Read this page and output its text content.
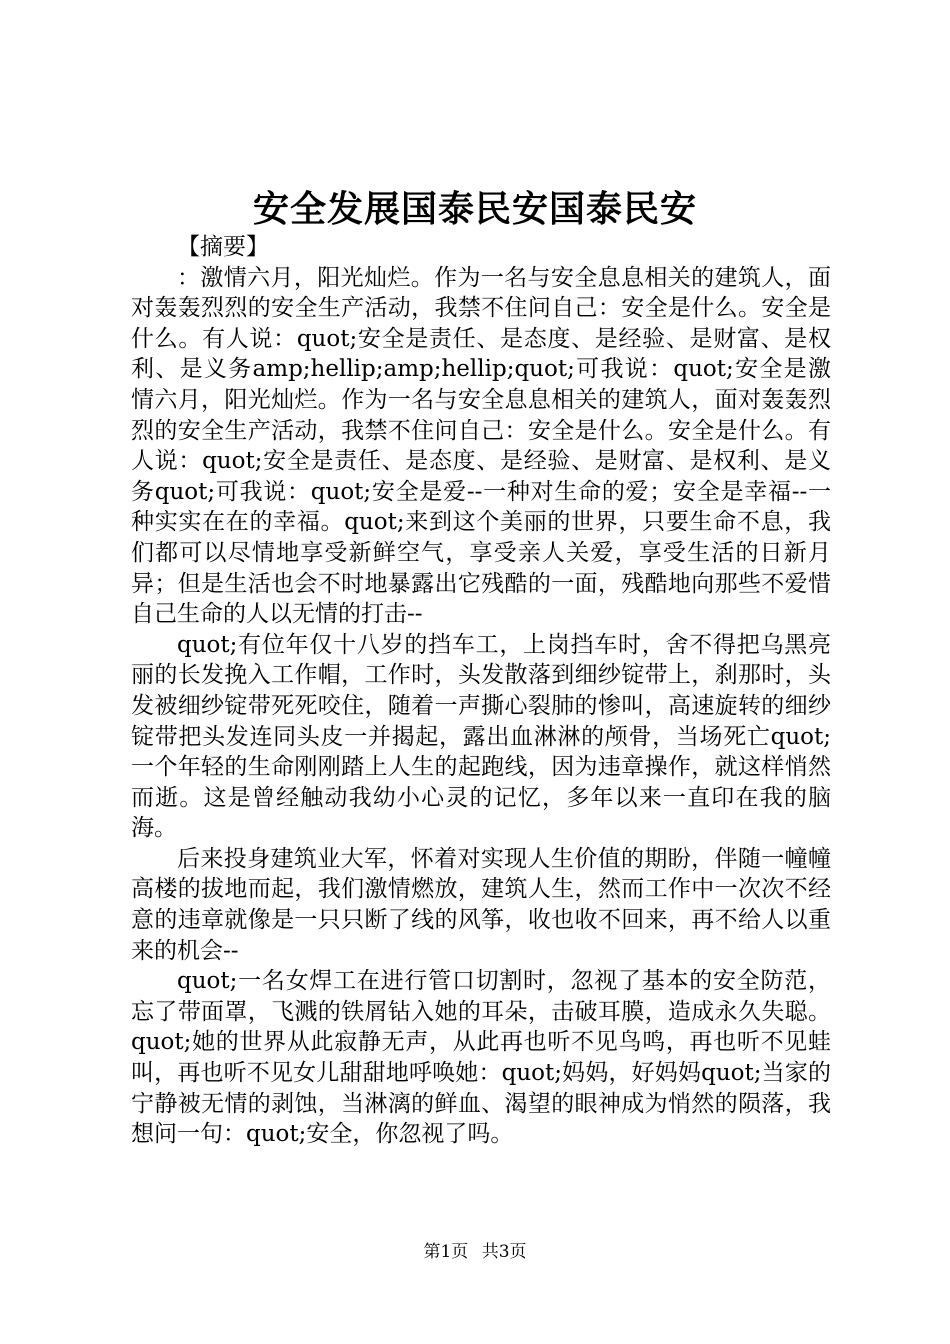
安全发展国泰民安国泰民安

【摘要】

：激情六月，阳光灿烂。作为一名与安全息息相关的建筑人，面对轰轰烈烈的安全生产活动，我禁不住问自己：安全是什么。安全是什么。有人说：quot;安全是责任、是态度、是经验、是财富、是权利、是义务amp;hellip;amp;hellip;quot;可我说：quot;安全是激情六月，阳光灿烂。作为一名与安全息息相关的建筑人，面对轰轰烈烈的安全生产活动，我禁不住问自己：安全是什么。安全是什么。有人说：quot;安全是责任、是态度、是经验、是财富、是权利、是义务quot;可我说：quot;安全是爱--一种对生命的爱；安全是幸福--一种实实在在的幸福。quot;来到这个美丽的世界，只要生命不息，我们都可以尽情地享受新鲜空气，享受亲人关爱，享受生活的日新月异；但是生活也会不时地暴露出它残酷的一面，残酷地向那些不爱惜自己生命的人以无情的打击--

quot;有位年仅十八岁的挡车工，上岗挡车时，舍不得把乌黑亮丽的长发挽入工作帽，工作时，头发散落到细纱锭带上，刹那时，头发被细纱锭带死死咬住，随着一声撕心裂肺的惨叫，高速旋转的细纱锭带把头发连同头皮一并揭起，露出血淋淋的颅骨，当场死亡quot;一个年轻的生命刚刚踏上人生的起跑线，因为违章操作，就这样悄然而逝。这是曾经触动我幼小心灵的记忆，多年以来一直印在我的脑海。

后来投身建筑业大军，怀着对实现人生价值的期盼，伴随一幢幢高楼的拔地而起，我们激情燃放，建筑人生，然而工作中一次次不经意的违章就像是一只只断了线的风筝，收也收不回来，再不给人以重来的机会--

quot;一名女焊工在进行管口切割时，忽视了基本的安全防范，忘了带面罩，飞溅的铁屑钻入她的耳朵，击破耳膜，造成永久失聪。quot;她的世界从此寂静无声，从此再也听不见鸟鸣，再也听不见蛙叫，再也听不见女儿甜甜地呼唤她：quot;妈妈，好妈妈quot;当家的宁静被无情的剥蚀，当淋漓的鲜血、渴望的眼神成为悄然的陨落，我想问一句：quot;安全，你忽视了吗。

第1页 共3页
